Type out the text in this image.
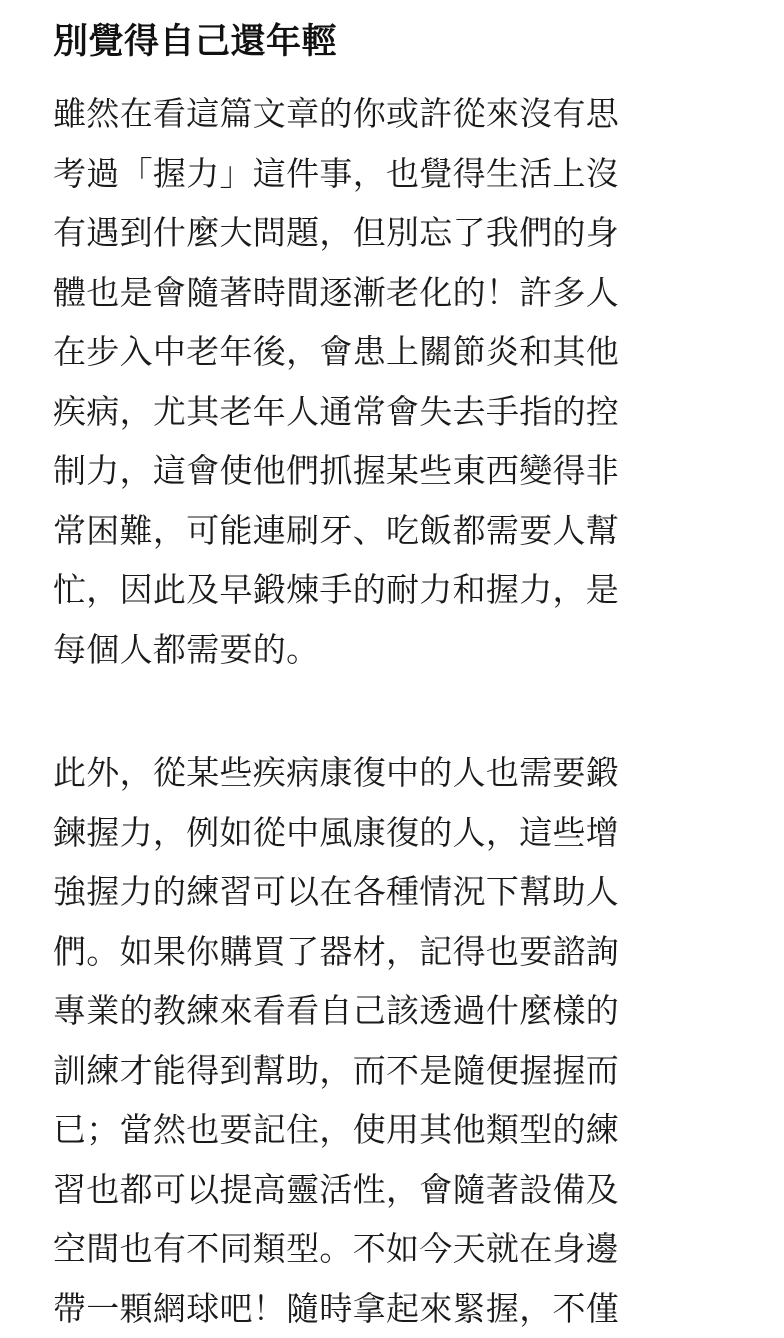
別覺得自己還年輕

雖然在看這篇文章的你或許從來沒有思
考過「握力」這件事，也覺得生活上沒
有遇到什麼大問題，但別忘了我們的身
體也是會隨著時間逐漸老化的！許多人
在步入中老年後，會患上關節炎和其他
疾病，尤其老年人通常會失去手指的控
制力，這會使他們抓握某些東西變得非
常困難，可能連刷牙、吃飯都需要人幫
忙，因此及早鍛煉手的耐力和握力，是
每個人都需要的。

此外，從某些疾病康復中的人也需要鍛
鍊握力，例如從中風康復的人，這些增
強握力的練習可以在各種情況下幫助人
們。如果你購買了器材，記得也要諮詢
專業的教練來看看自己該透過什麼樣的
訓練才能得到幫助，而不是隨便握握而
已；當然也要記住，使用其他類型的練
習也都可以提高靈活性，會隨著設備及
空間也有不同類型。不如今天就在身邊
帶一顆網球吧！隨時拿起來緊握，不僅
